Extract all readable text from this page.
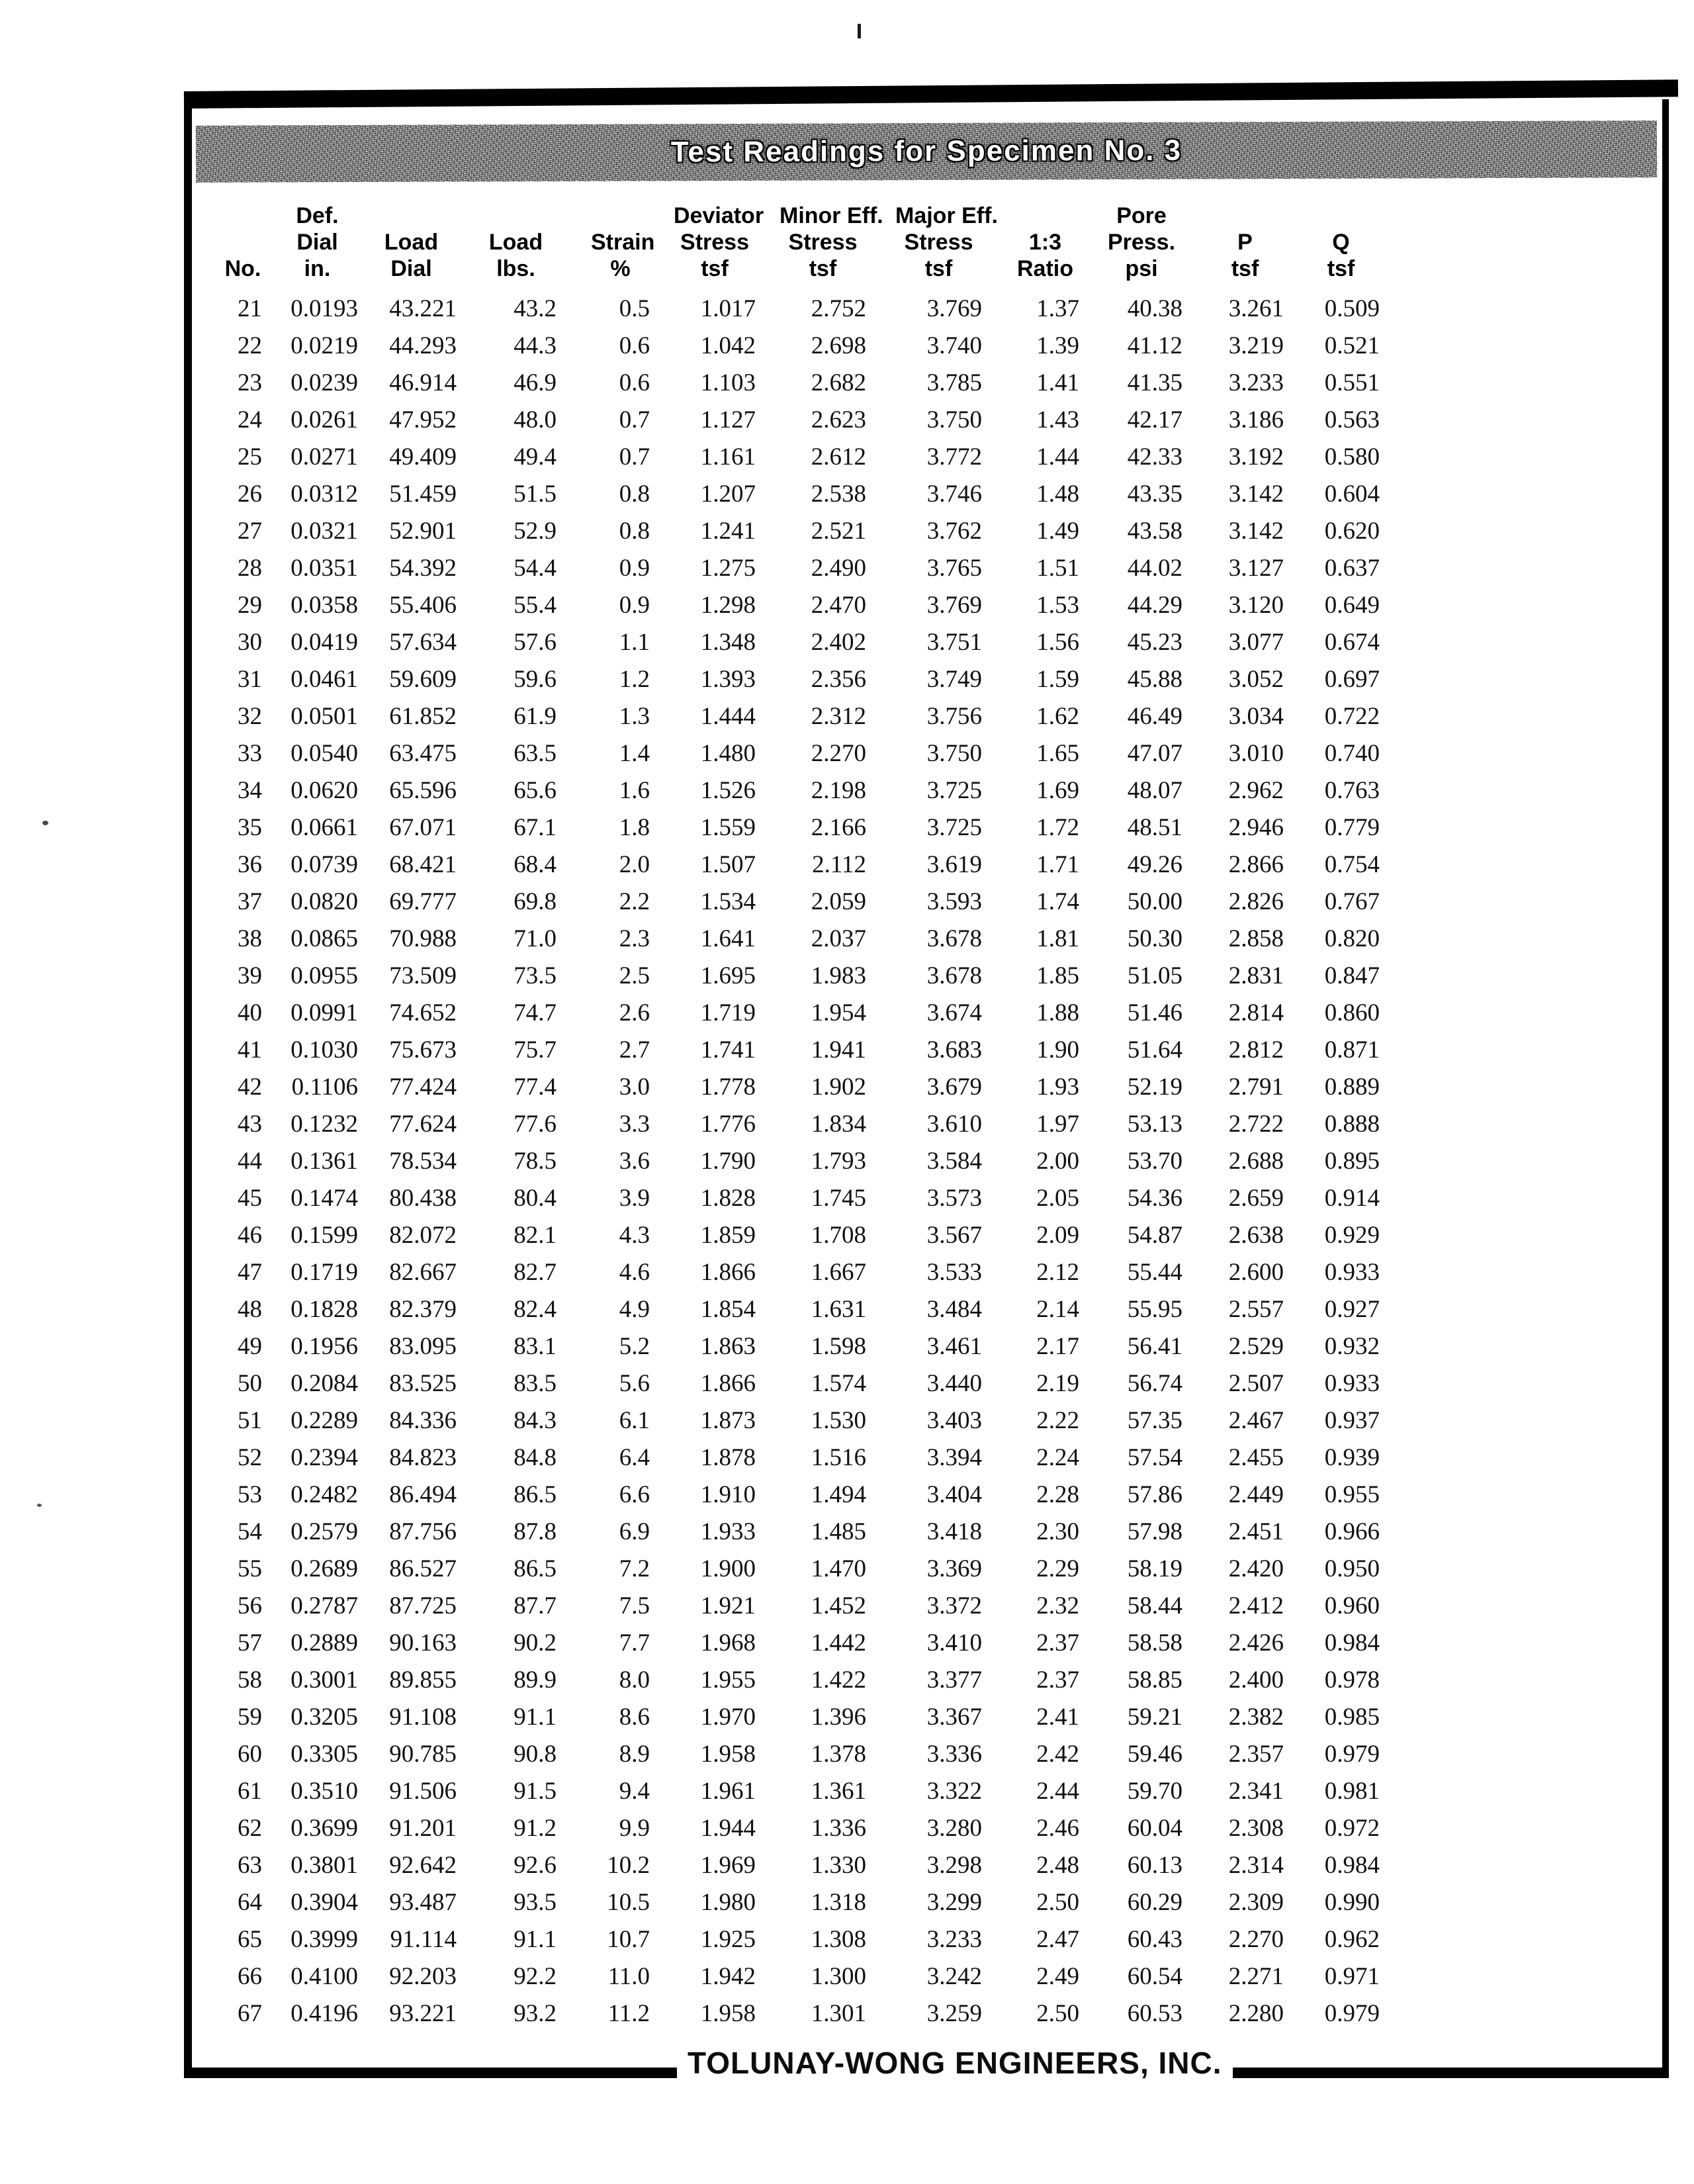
Test Readings for Specimen No. 3
No.

Def.
Dial
in.

Load
Dial

Load
lbs.

Strain
%

Deviator
Stress
tsf

Minor Eff.
Stress
tsf

Major Eff.
Stress
tsf

1:3
Ratio

Pore
Press.
psi

P
tsf

Q
tsf

21	0.0193	43.221	43.2	0.5	1.017	2.752	3.769	1.37	40.38	3.261	0.509
22	0.0219	44.293	44.3	0.6	1.042	2.698	3.740	1.39	41.12	3.219	0.521
23	0.0239	46.914	46.9	0.6	1.103	2.682	3.785	1.41	41.35	3.233	0.551
24	0.0261	47.952	48.0	0.7	1.127	2.623	3.750	1.43	42.17	3.186	0.563
25	0.0271	49.409	49.4	0.7	1.161	2.612	3.772	1.44	42.33	3.192	0.580
26	0.0312	51.459	51.5	0.8	1.207	2.538	3.746	1.48	43.35	3.142	0.604
27	0.0321	52.901	52.9	0.8	1.241	2.521	3.762	1.49	43.58	3.142	0.620
28	0.0351	54.392	54.4	0.9	1.275	2.490	3.765	1.51	44.02	3.127	0.637
29	0.0358	55.406	55.4	0.9	1.298	2.470	3.769	1.53	44.29	3.120	0.649
30	0.0419	57.634	57.6	1.1	1.348	2.402	3.751	1.56	45.23	3.077	0.674
31	0.0461	59.609	59.6	1.2	1.393	2.356	3.749	1.59	45.88	3.052	0.697
32	0.0501	61.852	61.9	1.3	1.444	2.312	3.756	1.62	46.49	3.034	0.722
33	0.0540	63.475	63.5	1.4	1.480	2.270	3.750	1.65	47.07	3.010	0.740
34	0.0620	65.596	65.6	1.6	1.526	2.198	3.725	1.69	48.07	2.962	0.763
35	0.0661	67.071	67.1	1.8	1.559	2.166	3.725	1.72	48.51	2.946	0.779
36	0.0739	68.421	68.4	2.0	1.507	2.112	3.619	1.71	49.26	2.866	0.754
37	0.0820	69.777	69.8	2.2	1.534	2.059	3.593	1.74	50.00	2.826	0.767
38	0.0865	70.988	71.0	2.3	1.641	2.037	3.678	1.81	50.30	2.858	0.820
39	0.0955	73.509	73.5	2.5	1.695	1.983	3.678	1.85	51.05	2.831	0.847
40	0.0991	74.652	74.7	2.6	1.719	1.954	3.674	1.88	51.46	2.814	0.860
41	0.1030	75.673	75.7	2.7	1.741	1.941	3.683	1.90	51.64	2.812	0.871
42	0.1106	77.424	77.4	3.0	1.778	1.902	3.679	1.93	52.19	2.791	0.889
43	0.1232	77.624	77.6	3.3	1.776	1.834	3.610	1.97	53.13	2.722	0.888
44	0.1361	78.534	78.5	3.6	1.790	1.793	3.584	2.00	53.70	2.688	0.895
45	0.1474	80.438	80.4	3.9	1.828	1.745	3.573	2.05	54.36	2.659	0.914
46	0.1599	82.072	82.1	4.3	1.859	1.708	3.567	2.09	54.87	2.638	0.929
47	0.1719	82.667	82.7	4.6	1.866	1.667	3.533	2.12	55.44	2.600	0.933
48	0.1828	82.379	82.4	4.9	1.854	1.631	3.484	2.14	55.95	2.557	0.927
49	0.1956	83.095	83.1	5.2	1.863	1.598	3.461	2.17	56.41	2.529	0.932
50	0.2084	83.525	83.5	5.6	1.866	1.574	3.440	2.19	56.74	2.507	0.933
51	0.2289	84.336	84.3	6.1	1.873	1.530	3.403	2.22	57.35	2.467	0.937
52	0.2394	84.823	84.8	6.4	1.878	1.516	3.394	2.24	57.54	2.455	0.939
53	0.2482	86.494	86.5	6.6	1.910	1.494	3.404	2.28	57.86	2.449	0.955
54	0.2579	87.756	87.8	6.9	1.933	1.485	3.418	2.30	57.98	2.451	0.966
55	0.2689	86.527	86.5	7.2	1.900	1.470	3.369	2.29	58.19	2.420	0.950
56	0.2787	87.725	87.7	7.5	1.921	1.452	3.372	2.32	58.44	2.412	0.960
57	0.2889	90.163	90.2	7.7	1.968	1.442	3.410	2.37	58.58	2.426	0.984
58	0.3001	89.855	89.9	8.0	1.955	1.422	3.377	2.37	58.85	2.400	0.978
59	0.3205	91.108	91.1	8.6	1.970	1.396	3.367	2.41	59.21	2.382	0.985
60	0.3305	90.785	90.8	8.9	1.958	1.378	3.336	2.42	59.46	2.357	0.979
61	0.3510	91.506	91.5	9.4	1.961	1.361	3.322	2.44	59.70	2.341	0.981
62	0.3699	91.201	91.2	9.9	1.944	1.336	3.280	2.46	60.04	2.308	0.972
63	0.3801	92.642	92.6	10.2	1.969	1.330	3.298	2.48	60.13	2.314	0.984
64	0.3904	93.487	93.5	10.5	1.980	1.318	3.299	2.50	60.29	2.309	0.990
65	0.3999	91.114	91.1	10.7	1.925	1.308	3.233	2.47	60.43	2.270	0.962
66	0.4100	92.203	92.2	11.0	1.942	1.300	3.242	2.49	60.54	2.271	0.971
67	0.4196	93.221	93.2	11.2	1.958	1.301	3.259	2.50	60.53	2.280	0.979
TOLUNAY-WONG ENGINEERS, INC.
